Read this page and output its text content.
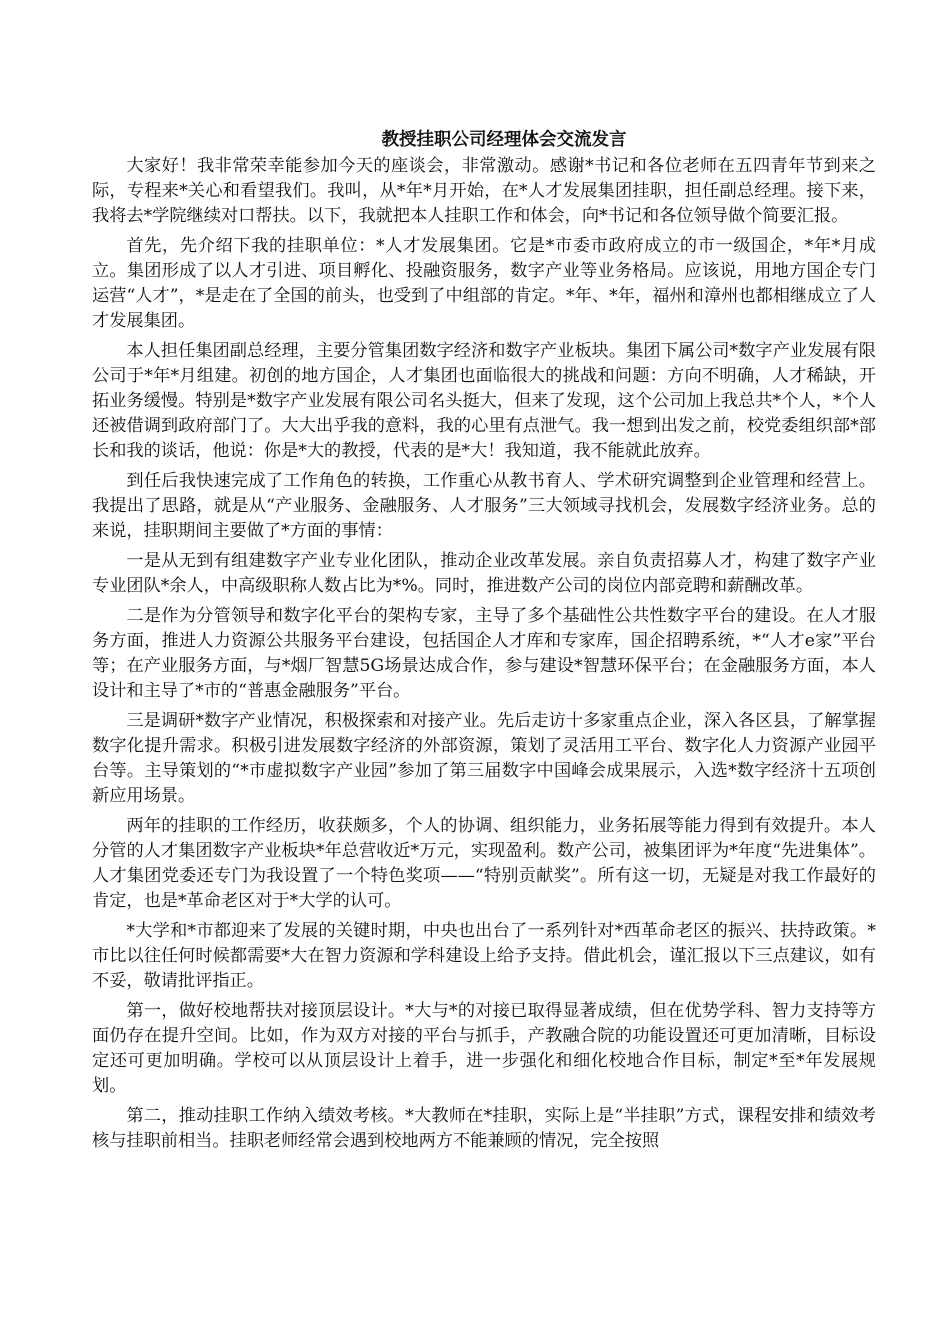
教授挂职公司经理体会交流发言

大家好！我非常荣幸能参加今天的座谈会，非常激动。感谢*书记和各位老师在五四青年节到来之际，专程来*关心和看望我们。我叫，从*年*月开始，在*人才发展集团挂职，担任副总经理。接下来，我将去*学院继续对口帮扶。以下，我就把本人挂职工作和体会，向*书记和各位领导做个简要汇报。

首先，先介绍下我的挂职单位：*人才发展集团。它是*市委市政府成立的市一级国企，*年*月成立。集团形成了以人才引进、项目孵化、投融资服务，数字产业等业务格局。应该说，用地方国企专门运营“人才”，*是走在了全国的前头，也受到了中组部的肯定。*年、*年，福州和漳州也都相继成立了人才发展集团。

本人担任集团副总经理，主要分管集团数字经济和数字产业板块。集团下属公司*数字产业发展有限公司于*年*月组建。初创的地方国企，人才集团也面临很大的挑战和问题：方向不明确，人才稀缺，开拓业务缓慢。特别是*数字产业发展有限公司名头挺大，但来了发现，这个公司加上我总共*个人，*个人还被借调到政府部门了。大大出乎我的意料，我的心里有点泄气。我一想到出发之前，校党委组织部*部长和我的谈话，他说：你是*大的教授，代表的是*大！我知道，我不能就此放弃。

到任后我快速完成了工作角色的转换，工作重心从教书育人、学术研究调整到企业管理和经营上。我提出了思路，就是从“产业服务、金融服务、人才服务”三大领域寻找机会，发展数字经济业务。总的来说，挂职期间主要做了*方面的事情：

一是从无到有组建数字产业专业化团队，推动企业改革发展。亲自负责招募人才，构建了数字产业专业团队*余人，中高级职称人数占比为*%。同时，推进数产公司的岗位内部竞聘和薪酬改革。

二是作为分管领导和数字化平台的架构专家，主导了多个基础性公共性数字平台的建设。在人才服务方面，推进人力资源公共服务平台建设，包括国企人才库和专家库，国企招聘系统，*“人才e家”平台等；在产业服务方面，与*烟厂智慧5G场景达成合作，参与建设*智慧环保平台；在金融服务方面，本人设计和主导了*市的“普惠金融服务”平台。

三是调研*数字产业情况，积极探索和对接产业。先后走访十多家重点企业，深入各区县，了解掌握数字化提升需求。积极引进发展数字经济的外部资源，策划了灵活用工平台、数字化人力资源产业园平台等。主导策划的“*市虚拟数字产业园”参加了第三届数字中国峰会成果展示，入选*数字经济十五项创新应用场景。

两年的挂职的工作经历，收获颇多，个人的协调、组织能力，业务拓展等能力得到有效提升。本人分管的人才集团数字产业板块*年总营收近*万元，实现盈利。数产公司，被集团评为*年度“先进集体”。人才集团党委还专门为我设置了一个特色奖项——“特别贡献奖”。所有这一切，无疑是对我工作最好的肯定，也是*革命老区对于*大学的认可。

*大学和*市都迎来了发展的关键时期，中央也出台了一系列针对*西革命老区的振兴、扶持政策。*市比以往任何时候都需要*大在智力资源和学科建设上给予支持。借此机会，谨汇报以下三点建议，如有不妥，敬请批评指正。

第一，做好校地帮扶对接顶层设计。*大与*的对接已取得显著成绩，但在优势学科、智力支持等方面仍存在提升空间。比如，作为双方对接的平台与抓手，产教融合院的功能设置还可更加清晰，目标设定还可更加明确。学校可以从顶层设计上着手，进一步强化和细化校地合作目标，制定*至*年发展规划。

第二，推动挂职工作纳入绩效考核。*大教师在*挂职，实际上是“半挂职”方式，课程安排和绩效考核与挂职前相当。挂职老师经常会遇到校地两方不能兼顾的情况，完全按照
